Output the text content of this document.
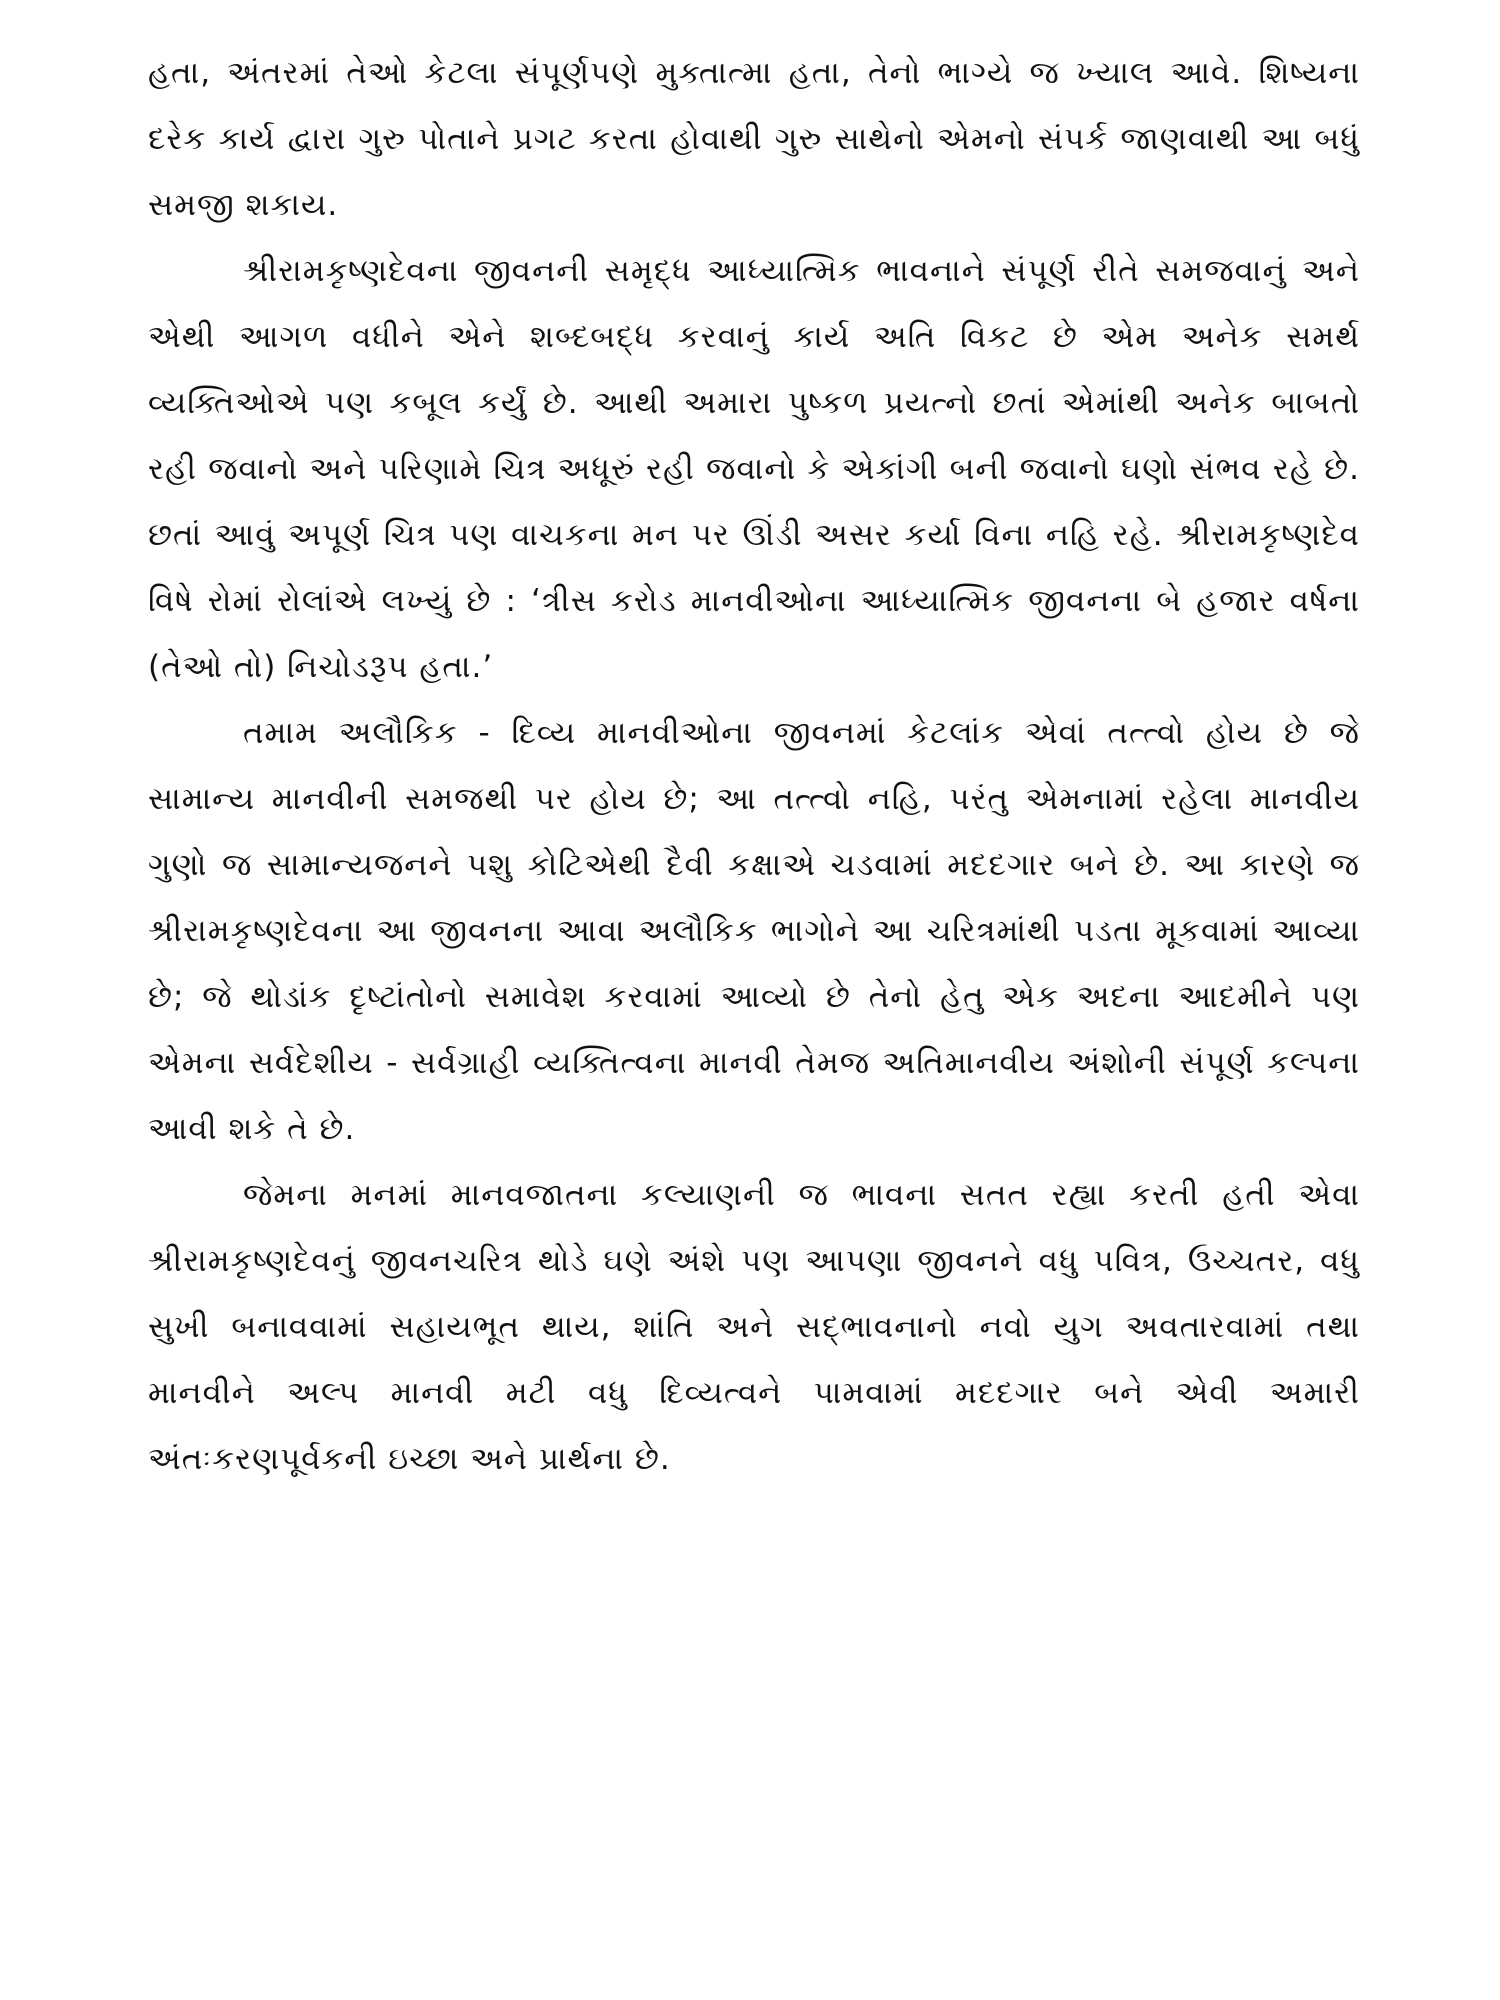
હતા, અંતરમાં તેઓ કેટલા સંપૂર્ણપણે મુક્તાત્મા હતા, તેનો ભાગ્યે જ ખ્યાલ આવે. શિષ્યના દરેક કાર્ય દ્વારા ગુરુ પોતાને પ્રગટ કરતા હોવાથી ગુરુ સાથેનો એમનો સંપર્ક જાણવાથી આ બધું સમજી શકાય.

શ્રીરામકૃષ્ણદેવના જીવનની સમૃદ્ધ આધ્યાત્મિક ભાવનાને સંપૂર્ણ રીતે સમજવાનું અને એથી આગળ વધીને એને શબ્દબદ્ધ કરવાનું કાર્ય અતિ વિકટ છે એમ અનેક સમર્થ વ્યક્તિઓએ પણ કબૂલ કર્યું છે. આથી અમારા પુષ્કળ પ્રયત્નો છતાં એમાંથી અનેક બાબતો રહી જવાનો અને પરિણામે ચિત્ર અધૂરું રહી જવાનો કે એકાંગી બની જવાનો ઘણો સંભવ રહે છે. છતાં આવું અપૂર્ણ ચિત્ર પણ વાચકના મન પર ઊંડી અસર કર્યા વિના નહિ રહે. શ્રીરામકૃષ્ણદેવ વિષે રોમાં રોલાંએ લખ્યું છે : ‘ત્રીસ કરોડ માનવીઓના આધ્યાત્મિક જીવનના બે હજાર વર્ષના (તેઓ તો) નિચોડરૂપ હતા.’

તમામ અલૌકિક - દિવ્ય માનવીઓના જીવનમાં કેટલાંક એવાં તત્ત્વો હોય છે જે સામાન્ય માનવીની સમજથી પર હોય છે; આ તત્ત્વો નહિ, પરંતુ એમનામાં રહેલા માનવીય ગુણો જ સામાન્યજનને પશુ કોટિએથી દૈવી કક્ષાએ ચડવામાં મદદગાર બને છે. આ કારણે જ શ્રીરામકૃષ્ણદેવના આ જીવનના આવા અલૌકિક ભાગોને આ ચરિત્રમાંથી પડતા મૂકવામાં આવ્યા છે; જે થોડાંક દૃષ્ટાંતોનો સમાવેશ કરવામાં આવ્યો છે તેનો હેતુ એક અદના આદમીને પણ એમના સર્વદેશીય - સર્વગ્રાહી વ્યક્તિત્વના માનવી તેમજ અતિમાનવીય અંશોની સંપૂર્ણ કલ્પના આવી શકે તે છે.

જેમના મનમાં માનવજાતના કલ્યાણની જ ભાવના સતત રહ્યા કરતી હતી એવા શ્રીરામકૃષ્ણદેવનું જીવનચરિત્ર થોડે ઘણે અંશે પણ આપણા જીવનને વધુ પવિત્ર, ઉચ્ચતર, વધુ સુખી બનાવવામાં સહાયભૂત થાય, શાંતિ અને સદ્‌ભાવનાનો નવો યુગ અવતારવામાં તથા માનવીને અલ્પ માનવી મટી વધુ દિવ્યત્વને પામવામાં મદદગાર બને એવી અમારી અંતઃકરણપૂર્વકની ઇચ્છા અને પ્રાર્થના છે.
